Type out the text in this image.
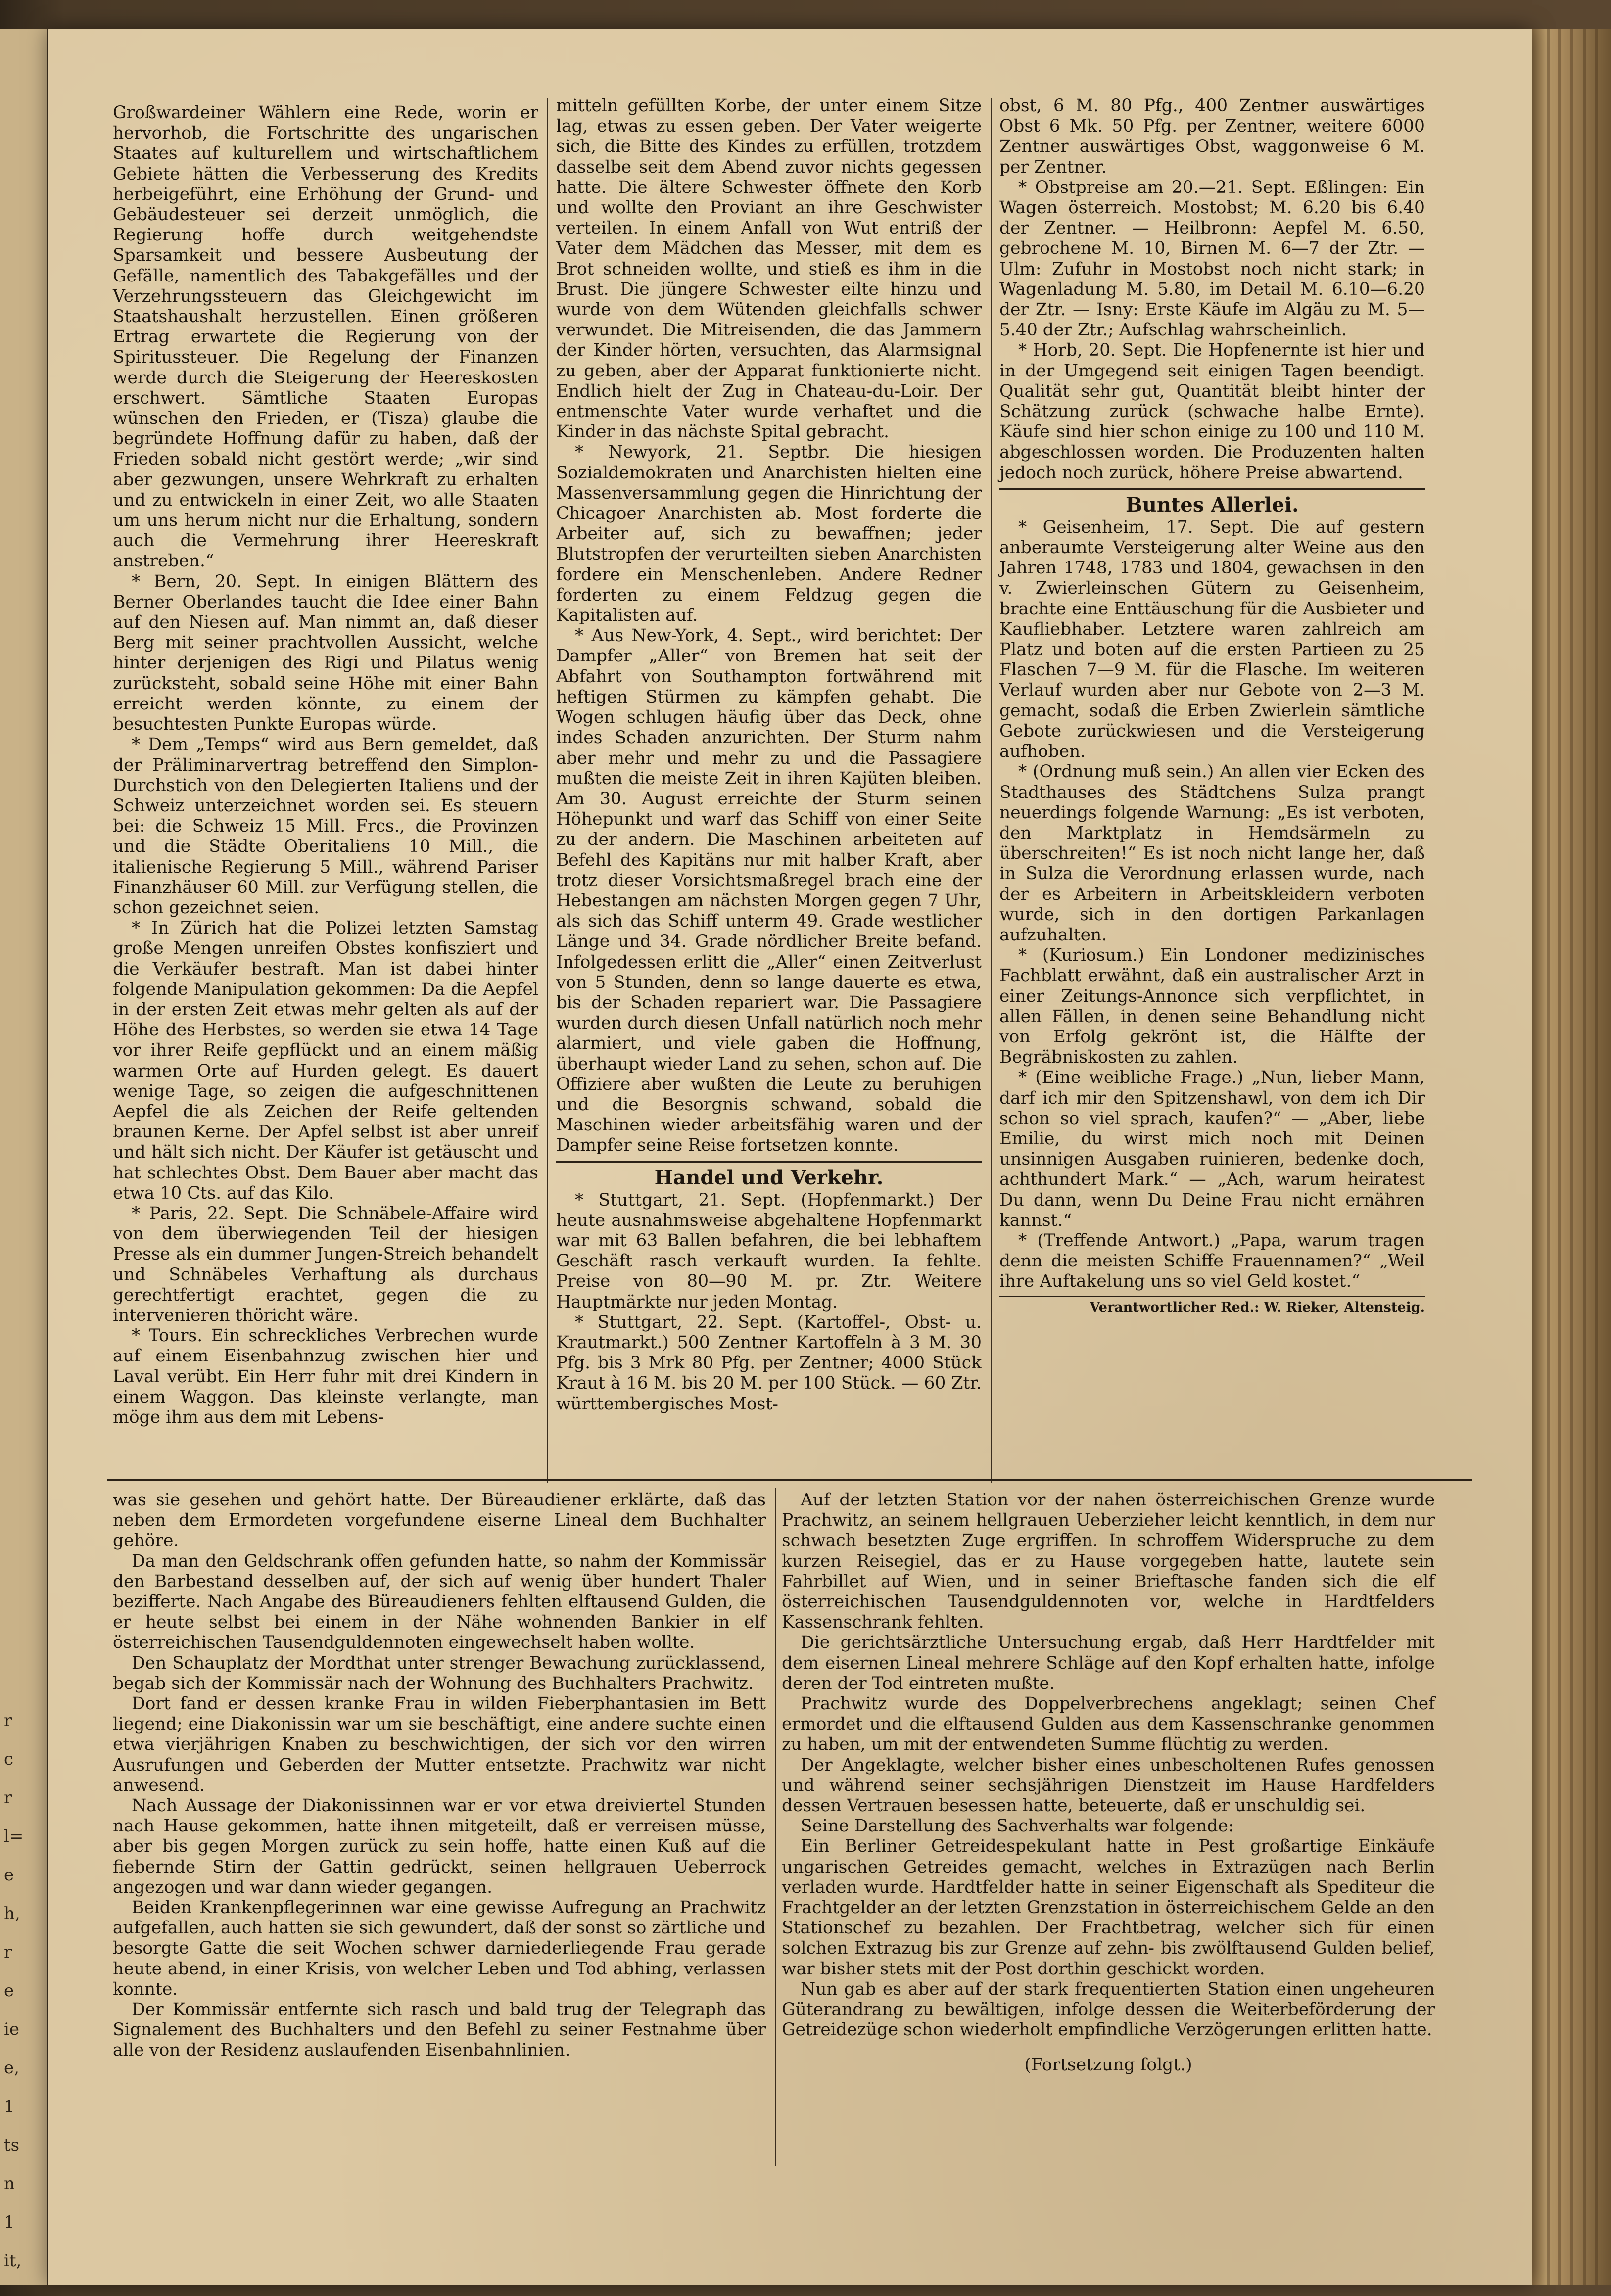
r
c
r
l=
e
h,
r
e
ie
e,
1
ts
n
1
it,

Großwardeiner Wählern eine Rede, worin er hervorhob, die Fortschritte des ungarischen Staates auf kulturellem und wirtschaftlichem Gebiete hätten die Verbesserung des Kredits herbeigeführt, eine Erhöhung der Grund- und Gebäudesteuer sei derzeit unmöglich, die Regierung hoffe durch weitgehendste Sparsamkeit und bessere Ausbeutung der Gefälle, namentlich des Tabakgefälles und der Verzehrungssteuern das Gleichgewicht im Staatshaushalt herzustellen. Einen größeren Ertrag erwartete die Regierung von der Spiritussteuer. Die Regelung der Finanzen werde durch die Steigerung der Heereskosten erschwert. Sämtliche Staaten Europas wünschen den Frieden, er (Tisza) glaube die begründete Hoffnung dafür zu haben, daß der Frieden sobald nicht gestört werde; „wir sind aber gezwungen, unsere Wehrkraft zu erhalten und zu entwickeln in einer Zeit, wo alle Staaten um uns herum nicht nur die Erhaltung, sondern auch die Vermehrung ihrer Heereskraft anstreben.“

* Bern, 20. Sept. In einigen Blättern des Berner Oberlandes taucht die Idee einer Bahn auf den Niesen auf. Man nimmt an, daß dieser Berg mit seiner prachtvollen Aussicht, welche hinter derjenigen des Rigi und Pilatus wenig zurücksteht, sobald seine Höhe mit einer Bahn erreicht werden könnte, zu einem der besuchtesten Punkte Europas würde.

* Dem „Temps“ wird aus Bern gemeldet, daß der Präliminarvertrag betreffend den Simplon-Durchstich von den Delegierten Italiens und der Schweiz unterzeichnet worden sei. Es steuern bei: die Schweiz 15 Mill. Frcs., die Provinzen und die Städte Oberitaliens 10 Mill., die italienische Regierung 5 Mill., während Pariser Finanzhäuser 60 Mill. zur Verfügung stellen, die schon gezeichnet seien.

* In Zürich hat die Polizei letzten Samstag große Mengen unreifen Obstes konfisziert und die Verkäufer bestraft. Man ist dabei hinter folgende Manipulation gekommen: Da die Aepfel in der ersten Zeit etwas mehr gelten als auf der Höhe des Herbstes, so werden sie etwa 14 Tage vor ihrer Reife gepflückt und an einem mäßig warmen Orte auf Hurden gelegt. Es dauert wenige Tage, so zeigen die aufgeschnittenen Aepfel die als Zeichen der Reife geltenden braunen Kerne. Der Apfel selbst ist aber unreif und hält sich nicht. Der Käufer ist getäuscht und hat schlechtes Obst. Dem Bauer aber macht das etwa 10 Cts. auf das Kilo.

* Paris, 22. Sept. Die Schnäbele-Affaire wird von dem überwiegenden Teil der hiesigen Presse als ein dummer Jungen-Streich behandelt und Schnäbeles Verhaftung als durchaus gerechtfertigt erachtet, gegen die zu intervenieren thöricht wäre.

* Tours. Ein schreckliches Verbrechen wurde auf einem Eisenbahnzug zwischen hier und Laval verübt. Ein Herr fuhr mit drei Kindern in einem Waggon. Das kleinste verlangte, man möge ihm aus dem mit Lebens-

mitteln gefüllten Korbe, der unter einem Sitze lag, etwas zu essen geben. Der Vater weigerte sich, die Bitte des Kindes zu erfüllen, trotzdem dasselbe seit dem Abend zuvor nichts gegessen hatte. Die ältere Schwester öffnete den Korb und wollte den Proviant an ihre Geschwister verteilen. In einem Anfall von Wut entriß der Vater dem Mädchen das Messer, mit dem es Brot schneiden wollte, und stieß es ihm in die Brust. Die jüngere Schwester eilte hinzu und wurde von dem Wütenden gleichfalls schwer verwundet. Die Mitreisenden, die das Jammern der Kinder hörten, versuchten, das Alarmsignal zu geben, aber der Apparat funktionierte nicht. Endlich hielt der Zug in Chateau-du-Loir. Der entmenschte Vater wurde verhaftet und die Kinder in das nächste Spital gebracht.

* Newyork, 21. Septbr. Die hiesigen Sozialdemokraten und Anarchisten hielten eine Massenversammlung gegen die Hinrichtung der Chicagoer Anarchisten ab. Most forderte die Arbeiter auf, sich zu bewaffnen; jeder Blutstropfen der verurteilten sieben Anarchisten fordere ein Menschenleben. Andere Redner forderten zu einem Feldzug gegen die Kapitalisten auf.

* Aus New-York, 4. Sept., wird berichtet: Der Dampfer „Aller“ von Bremen hat seit der Abfahrt von Southampton fortwährend mit heftigen Stürmen zu kämpfen gehabt. Die Wogen schlugen häufig über das Deck, ohne indes Schaden anzurichten. Der Sturm nahm aber mehr und mehr zu und die Passagiere mußten die meiste Zeit in ihren Kajüten bleiben. Am 30. August erreichte der Sturm seinen Höhepunkt und warf das Schiff von einer Seite zu der andern. Die Maschinen arbeiteten auf Befehl des Kapitäns nur mit halber Kraft, aber trotz dieser Vorsichtsmaßregel brach eine der Hebestangen am nächsten Morgen gegen 7 Uhr, als sich das Schiff unterm 49. Grade westlicher Länge und 34. Grade nördlicher Breite befand. Infolgedessen erlitt die „Aller“ einen Zeitverlust von 5 Stunden, denn so lange dauerte es etwa, bis der Schaden repariert war. Die Passagiere wurden durch diesen Unfall natürlich noch mehr alarmiert, und viele gaben die Hoffnung, überhaupt wieder Land zu sehen, schon auf. Die Offiziere aber wußten die Leute zu beruhigen und die Besorgnis schwand, sobald die Maschinen wieder arbeitsfähig waren und der Dampfer seine Reise fortsetzen konnte.

Handel und Verkehr.

* Stuttgart, 21. Sept. (Hopfenmarkt.) Der heute ausnahmsweise abgehaltene Hopfenmarkt war mit 63 Ballen befahren, die bei lebhaftem Geschäft rasch verkauft wurden. Ia fehlte. Preise von 80—90 M. pr. Ztr. Weitere Hauptmärkte nur jeden Montag.

* Stuttgart, 22. Sept. (Kartoffel-, Obst- u. Krautmarkt.) 500 Zentner Kartoffeln à 3 M. 30 Pfg. bis 3 Mrk 80 Pfg. per Zentner; 4000 Stück Kraut à 16 M. bis 20 M. per 100 Stück. — 60 Ztr. württembergisches Most-

obst, 6 M. 80 Pfg., 400 Zentner auswärtiges Obst 6 Mk. 50 Pfg. per Zentner, weitere 6000 Zentner auswärtiges Obst, waggonweise 6 M. per Zentner.

* Obstpreise am 20.—21. Sept. Eßlingen: Ein Wagen österreich. Mostobst; M. 6.20 bis 6.40 der Zentner. — Heilbronn: Aepfel M. 6.50, gebrochene M. 10, Birnen M. 6—7 der Ztr. — Ulm: Zufuhr in Mostobst noch nicht stark; in Wagenladung M. 5.80, im Detail M. 6.10—6.20 der Ztr. — Isny: Erste Käufe im Algäu zu M. 5—5.40 der Ztr.; Aufschlag wahrscheinlich.

* Horb, 20. Sept. Die Hopfenernte ist hier und in der Umgegend seit einigen Tagen beendigt. Qualität sehr gut, Quantität bleibt hinter der Schätzung zurück (schwache halbe Ernte). Käufe sind hier schon einige zu 100 und 110 M. abgeschlossen worden. Die Produzenten halten jedoch noch zurück, höhere Preise abwartend.

Buntes Allerlei.

* Geisenheim, 17. Sept. Die auf gestern anberaumte Versteigerung alter Weine aus den Jahren 1748, 1783 und 1804, gewachsen in den v. Zwierleinschen Gütern zu Geisenheim, brachte eine Enttäuschung für die Ausbieter und Kaufliebhaber. Letztere waren zahlreich am Platz und boten auf die ersten Partieen zu 25 Flaschen 7—9 M. für die Flasche. Im weiteren Verlauf wurden aber nur Gebote von 2—3 M. gemacht, sodaß die Erben Zwierlein sämtliche Gebote zurückwiesen und die Versteigerung aufhoben.

* (Ordnung muß sein.) An allen vier Ecken des Stadthauses des Städtchens Sulza prangt neuerdings folgende Warnung: „Es ist verboten, den Marktplatz in Hemdsärmeln zu überschreiten!“ Es ist noch nicht lange her, daß in Sulza die Verordnung erlassen wurde, nach der es Arbeitern in Arbeitskleidern verboten wurde, sich in den dortigen Parkanlagen aufzuhalten.

* (Kuriosum.) Ein Londoner medizinisches Fachblatt erwähnt, daß ein australischer Arzt in einer Zeitungs-Annonce sich verpflichtet, in allen Fällen, in denen seine Behandlung nicht von Erfolg gekrönt ist, die Hälfte der Begräbniskosten zu zahlen.

* (Eine weibliche Frage.) „Nun, lieber Mann, darf ich mir den Spitzenshawl, von dem ich Dir schon so viel sprach, kaufen?“ — „Aber, liebe Emilie, du wirst mich noch mit Deinen unsinnigen Ausgaben ruinieren, bedenke doch, achthundert Mark.“ — „Ach, warum heiratest Du dann, wenn Du Deine Frau nicht ernähren kannst.“

* (Treffende Antwort.) „Papa, warum tragen denn die meisten Schiffe Frauennamen?“ „Weil ihre Auftakelung uns so viel Geld kostet.“

Verantwortlicher Red.: W. Rieker, Altensteig.

was sie gesehen und gehört hatte. Der Büreaudiener erklärte, daß das neben dem Ermordeten vorgefundene eiserne Lineal dem Buchhalter gehöre.

Da man den Geldschrank offen gefunden hatte, so nahm der Kommissär den Barbestand desselben auf, der sich auf wenig über hundert Thaler bezifferte. Nach Angabe des Büreaudieners fehlten elftausend Gulden, die er heute selbst bei einem in der Nähe wohnenden Bankier in elf österreichischen Tausendguldennoten eingewechselt haben wollte.

Den Schauplatz der Mordthat unter strenger Bewachung zurücklassend, begab sich der Kommissär nach der Wohnung des Buchhalters Prachwitz.

Dort fand er dessen kranke Frau in wilden Fieberphantasien im Bett liegend; eine Diakonissin war um sie beschäftigt, eine andere suchte einen etwa vierjährigen Knaben zu beschwichtigen, der sich vor den wirren Ausrufungen und Geberden der Mutter entsetzte. Prachwitz war nicht anwesend.

Nach Aussage der Diakonissinnen war er vor etwa dreiviertel Stunden nach Hause gekommen, hatte ihnen mitgeteilt, daß er verreisen müsse, aber bis gegen Morgen zurück zu sein hoffe, hatte einen Kuß auf die fiebernde Stirn der Gattin gedrückt, seinen hellgrauen Ueberrock angezogen und war dann wieder gegangen.

Beiden Krankenpflegerinnen war eine gewisse Aufregung an Prachwitz aufgefallen, auch hatten sie sich gewundert, daß der sonst so zärtliche und besorgte Gatte die seit Wochen schwer darniederliegende Frau gerade heute abend, in einer Krisis, von welcher Leben und Tod abhing, verlassen konnte.

Der Kommissär entfernte sich rasch und bald trug der Telegraph das Signalement des Buchhalters und den Befehl zu seiner Festnahme über alle von der Residenz auslaufenden Eisenbahnlinien.

Auf der letzten Station vor der nahen österreichischen Grenze wurde Prachwitz, an seinem hellgrauen Ueberzieher leicht kenntlich, in dem nur schwach besetzten Zuge ergriffen. In schroffem Widerspruche zu dem kurzen Reisegiel, das er zu Hause vorgegeben hatte, lautete sein Fahrbillet auf Wien, und in seiner Brieftasche fanden sich die elf österreichischen Tausendguldennoten vor, welche in Hardtfelders Kassenschrank fehlten.

Die gerichtsärztliche Untersuchung ergab, daß Herr Hardtfelder mit dem eisernen Lineal mehrere Schläge auf den Kopf erhalten hatte, infolge deren der Tod eintreten mußte.

Prachwitz wurde des Doppelverbrechens angeklagt; seinen Chef ermordet und die elftausend Gulden aus dem Kassenschranke genommen zu haben, um mit der entwendeten Summe flüchtig zu werden.

Der Angeklagte, welcher bisher eines unbescholtenen Rufes genossen und während seiner sechsjährigen Dienstzeit im Hause Hardfelders dessen Vertrauen besessen hatte, beteuerte, daß er unschuldig sei.

Seine Darstellung des Sachverhalts war folgende:

Ein Berliner Getreidespekulant hatte in Pest großartige Einkäufe ungarischen Getreides gemacht, welches in Extrazügen nach Berlin verladen wurde. Hardtfelder hatte in seiner Eigenschaft als Spediteur die Frachtgelder an der letzten Grenzstation in österreichischem Gelde an den Stationschef zu bezahlen. Der Frachtbetrag, welcher sich für einen solchen Extrazug bis zur Grenze auf zehn- bis zwölftausend Gulden belief, war bisher stets mit der Post dorthin geschickt worden.

Nun gab es aber auf der stark frequentierten Station einen ungeheuren Güterandrang zu bewältigen, infolge dessen die Weiterbeförderung der Getreidezüge schon wiederholt empfindliche Verzögerungen erlitten hatte.

(Fortsetzung folgt.)
